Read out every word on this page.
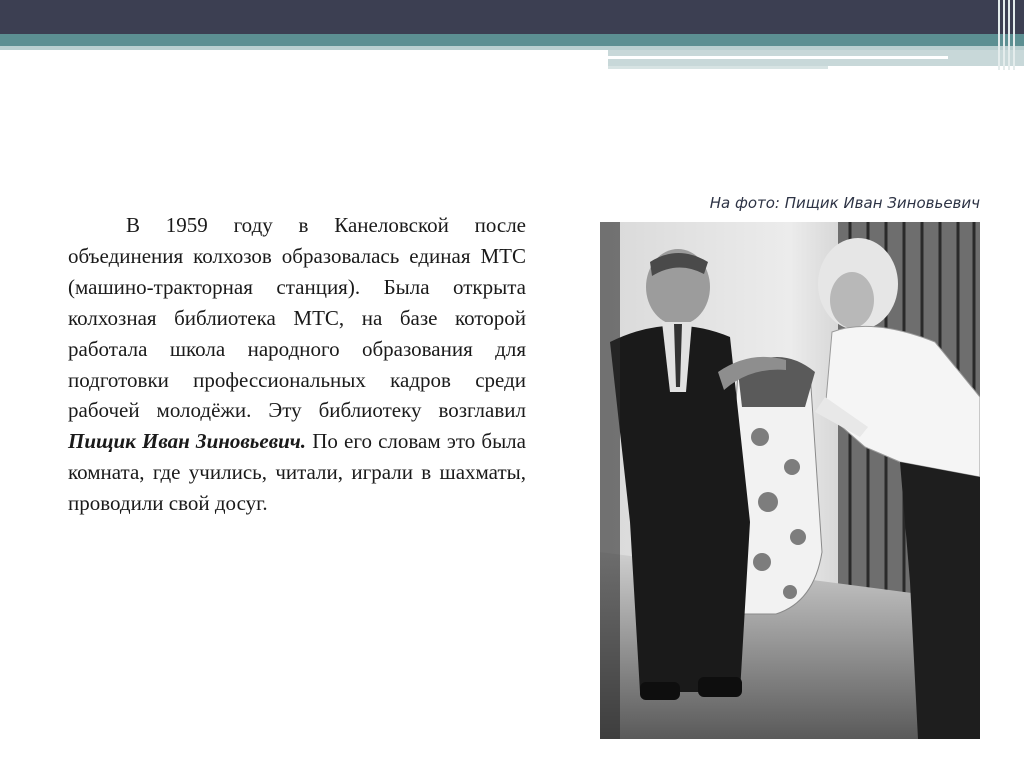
В 1959 году в Канеловской после объединения колхозов образовалась единая МТС (машино-тракторная станция). Была открыта колхозная библиотека МТС, на базе которой работала школа народного образования для подготовки профессиональных кадров среди рабочей молодёжи. Эту библиотеку возглавил Пищик Иван Зиновьевич. По его словам это была комната, где учились, читали, играли в шахматы, проводили свой досуг.

На фото: Пищик Иван Зиновьевич
